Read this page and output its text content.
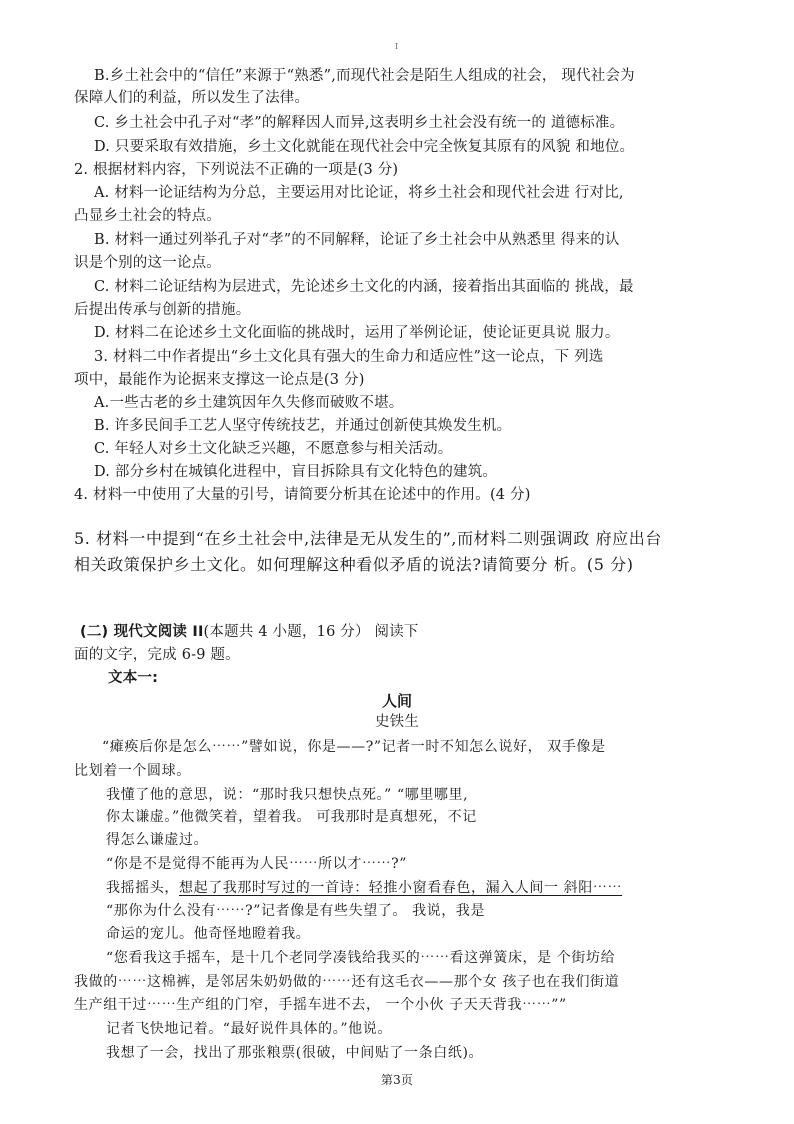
I
B.乡土社会中的“信任”来源于“熟悉”,而现代社会是陌生人组成的社会， 现代社会为
保障人们的利益，所以发生了法律。
C. 乡土社会中孔子对“孝”的解释因人而异,这表明乡土社会没有统一的 道德标准。
D. 只要采取有效措施，乡土文化就能在现代社会中完全恢复其原有的风貌 和地位。
2. 根据材料内容，下列说法不正确的一项是(3 分)
A. 材料一论证结构为分总，主要运用对比论证，将乡土社会和现代社会进 行对比,
凸显乡土社会的特点。
B. 材料一通过列举孔子对“孝”的不同解释，论证了乡土社会中从熟悉里 得来的认
识是个别的这一论点。
C. 材料二论证结构为层进式，先论述乡土文化的内涵，接着指出其面临的 挑战，最
后提出传承与创新的措施。
D. 材料二在论述乡土文化面临的挑战时，运用了举例论证，使论证更具说 服力。
3. 材料二中作者提出“乡土文化具有强大的生命力和适应性”这一论点，下 列选
项中，最能作为论据来支撑这一论点是(3 分)
A.一些古老的乡土建筑因年久失修而破败不堪。
B. 许多民间手工艺人坚守传统技艺，并通过创新使其焕发生机。
C. 年轻人对乡土文化缺乏兴趣，不愿意参与相关活动。
D. 部分乡村在城镇化进程中，盲目拆除具有文化特色的建筑。
4. 材料一中使用了大量的引号，请简要分析其在论述中的作用。(4 分)
5. 材料一中提到“在乡土社会中,法律是无从发生的”,而材料二则强调政 府应出台
相关政策保护乡土文化。如何理解这种看似矛盾的说法?请简要分 析。(5 分)
(二) 现代文阅读 II(本题共 4 小题，16 分） 阅读下
面的文字，完成 6-9 题。
文本一:
人间
史铁生
“瘫痪后你是怎么⋯⋯”譬如说，你是——?”记者一时不知怎么说好， 双手像是
比划着一个圆球。
我懂了他的意思，说：“那时我只想快点死。” “哪里哪里,
你太谦虚。”他微笑着，望着我。 可我那时是真想死，不记
得怎么谦虚过。
“你是不是觉得不能再为人民⋯⋯所以才⋯⋯?”
我摇摇头，想起了我那时写过的一首诗：轻推小窗看春色，漏入人间一 斜阳⋯⋯
“那你为什么没有⋯⋯?”记者像是有些失望了。 我说，我是
命运的宠儿。他奇怪地瞪着我。
“您看我这手摇车，是十几个老同学凑钱给我买的⋯⋯看这弹簧床，是 个街坊给
我做的⋯⋯这棉裤，是邻居朱奶奶做的⋯⋯还有这毛衣——那个女 孩子也在我们街道
生产组干过⋯⋯生产组的门窄，手摇车进不去， 一个小伙 子天天背我⋯⋯””
记者飞快地记着。“最好说件具体的。”他说。
我想了一会，找出了那张粮票(很破，中间贴了一条白纸)。
第3页
